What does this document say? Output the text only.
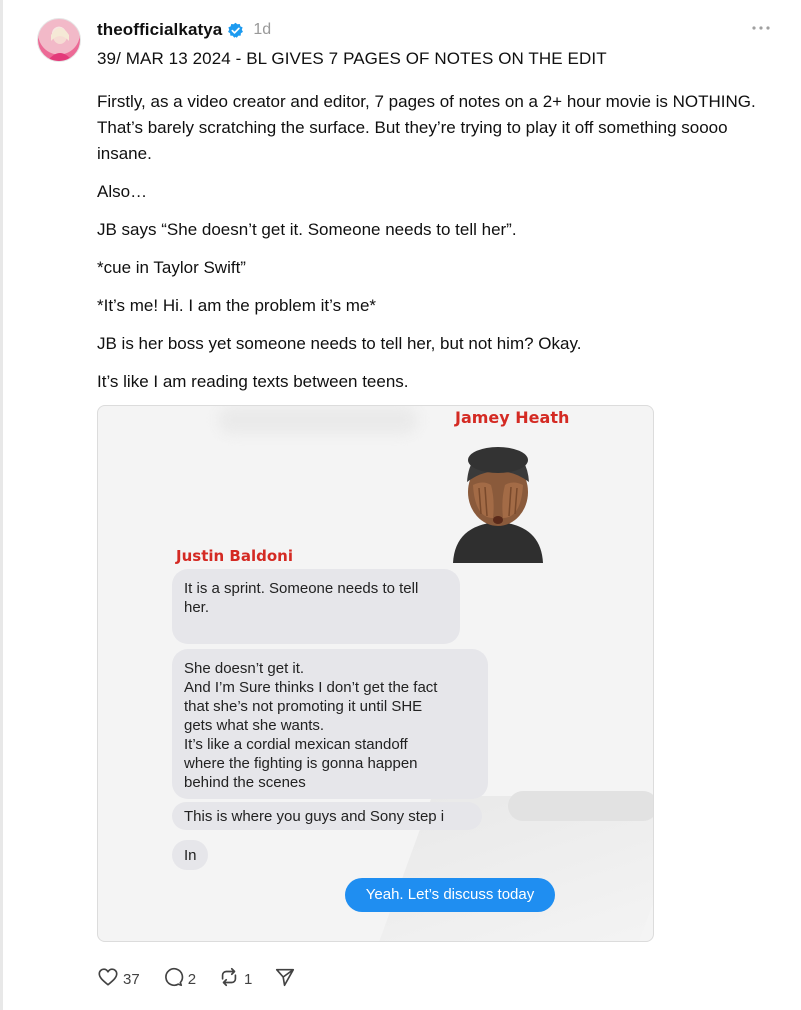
theofficialkatya 1d
39/ MAR 13 2024 - BL GIVES 7 PAGES OF NOTES ON THE EDIT

Firstly, as a video creator and editor, 7 pages of notes on a 2+ hour movie is NOTHING. That’s barely scratching the surface. But they’re trying to play it off something soooo insane.

Also…

JB says “She doesn’t get it. Someone needs to tell her”.

*cue in Taylor Swift”

*It’s me! Hi. I am the problem it’s me*

JB is her boss yet someone needs to tell her, but not him? Okay.

It’s like I am reading texts between teens.

Jamey Heath
Justin Baldoni
It is a sprint. Someone needs to tell
her.
She doesn’t get it.
And I’m Sure thinks I don’t get the fact
that she’s not promoting it until SHE
gets what she wants.
It’s like a cordial mexican standoff
where the fighting is gonna happen
behind the scenes
This is where you guys and Sony step i
In
Yeah. Let’s discuss today
37	2	1
